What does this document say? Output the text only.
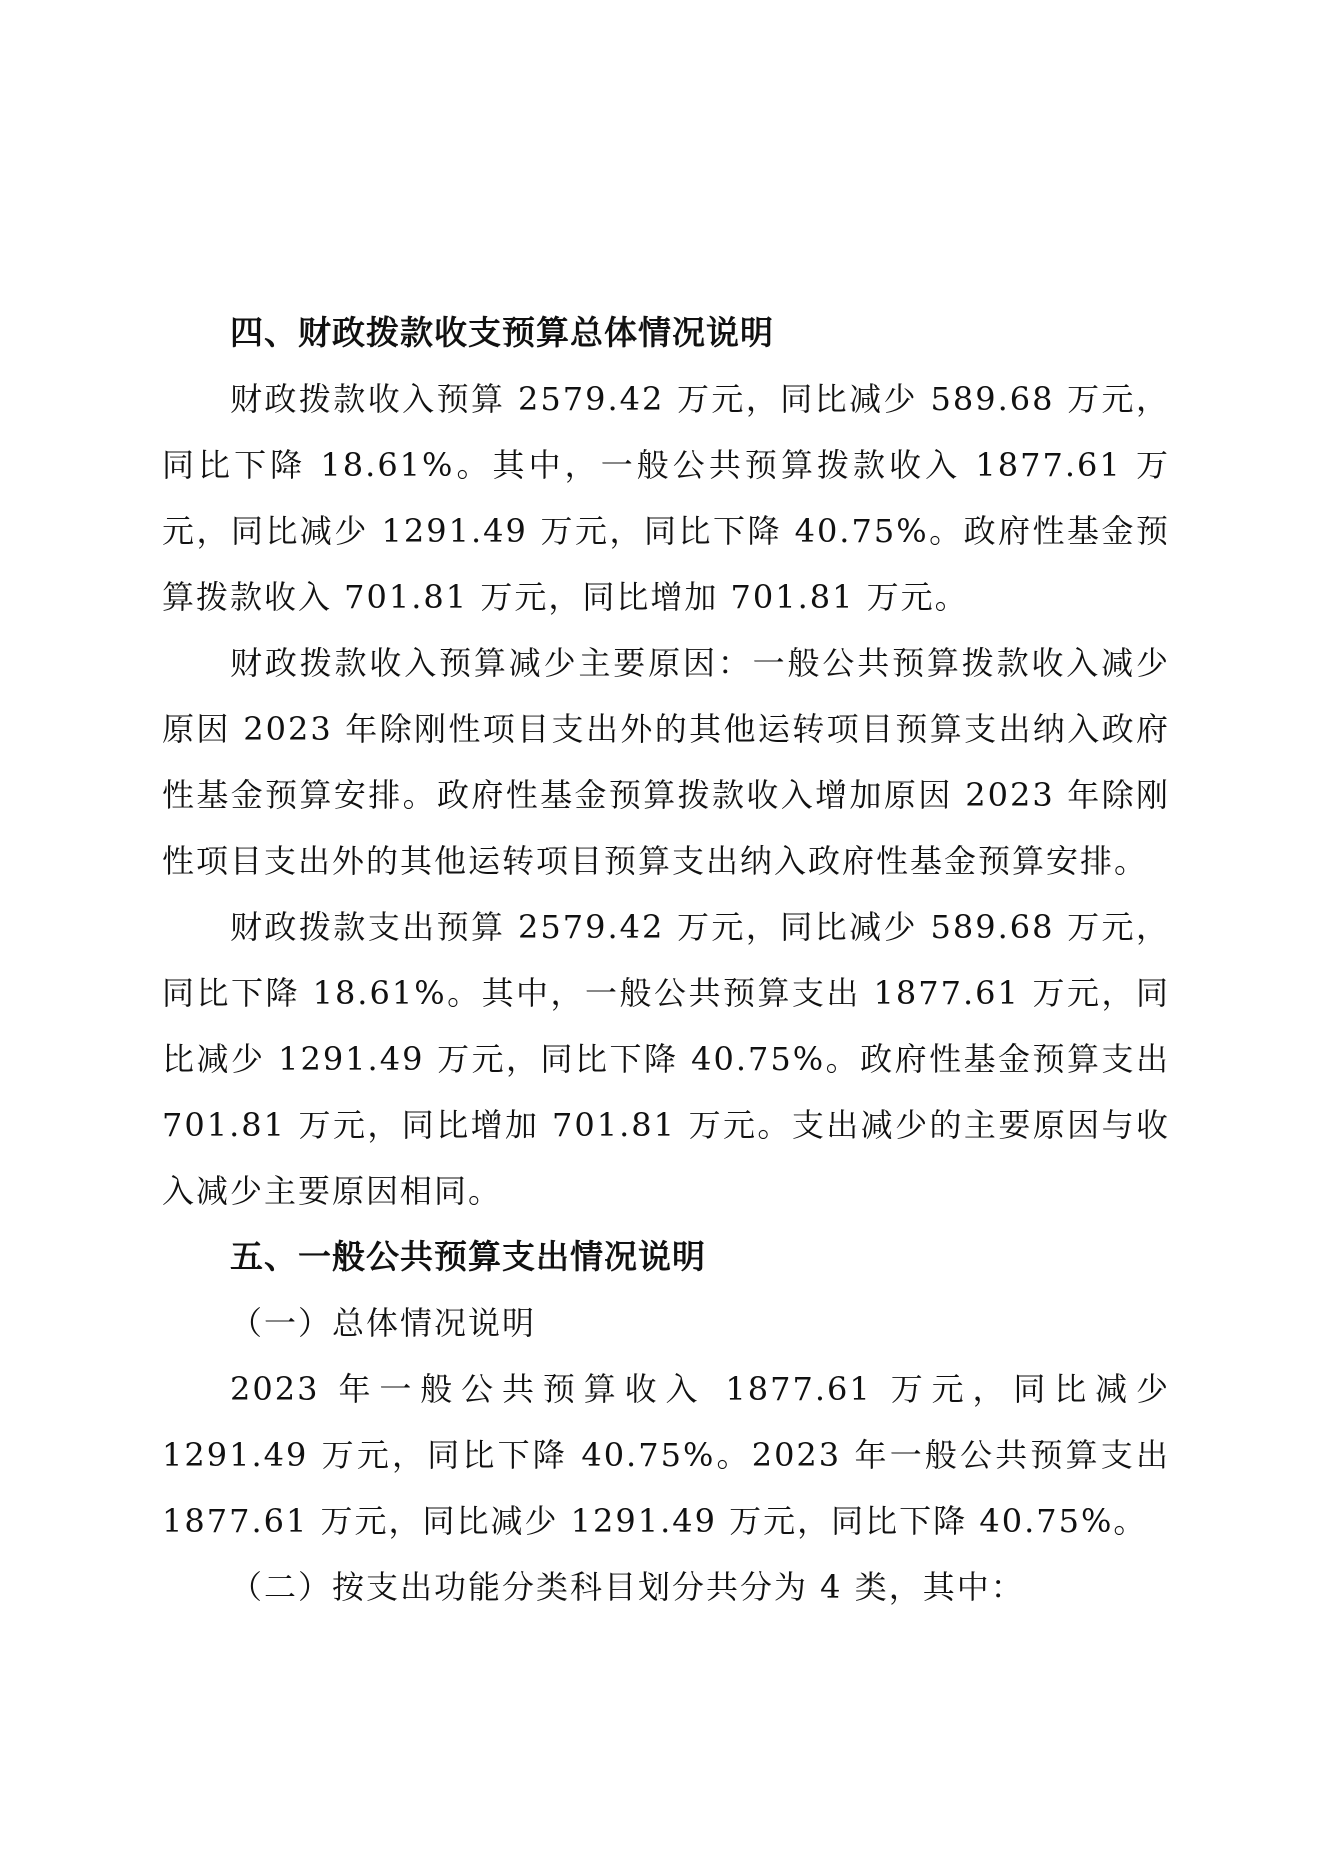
四、财政拨款收支预算总体情况说明

财政拨款收入预算 2579.42 万元，同比减少 589.68 万元，同比下降 18.61%。其中，一般公共预算拨款收入 1877.61 万元，同比减少 1291.49 万元，同比下降 40.75%。政府性基金预算拨款收入 701.81 万元，同比增加 701.81 万元。

财政拨款收入预算减少主要原因：一般公共预算拨款收入减少原因 2023 年除刚性项目支出外的其他运转项目预算支出纳入政府性基金预算安排。政府性基金预算拨款收入增加原因 2023 年除刚性项目支出外的其他运转项目预算支出纳入政府性基金预算安排。

财政拨款支出预算 2579.42 万元，同比减少 589.68 万元，同比下降 18.61%。其中，一般公共预算支出 1877.61 万元，同比减少 1291.49 万元，同比下降 40.75%。政府性基金预算支出 701.81 万元，同比增加 701.81 万元。支出减少的主要原因与收入减少主要原因相同。

五、一般公共预算支出情况说明

（一）总体情况说明

2023 年一般公共预算收入 1877.61 万元，同比减少 1291.49 万元，同比下降 40.75%。2023 年一般公共预算支出 1877.61 万元，同比减少 1291.49 万元，同比下降 40.75%。

（二）按支出功能分类科目划分共分为 4 类，其中：
